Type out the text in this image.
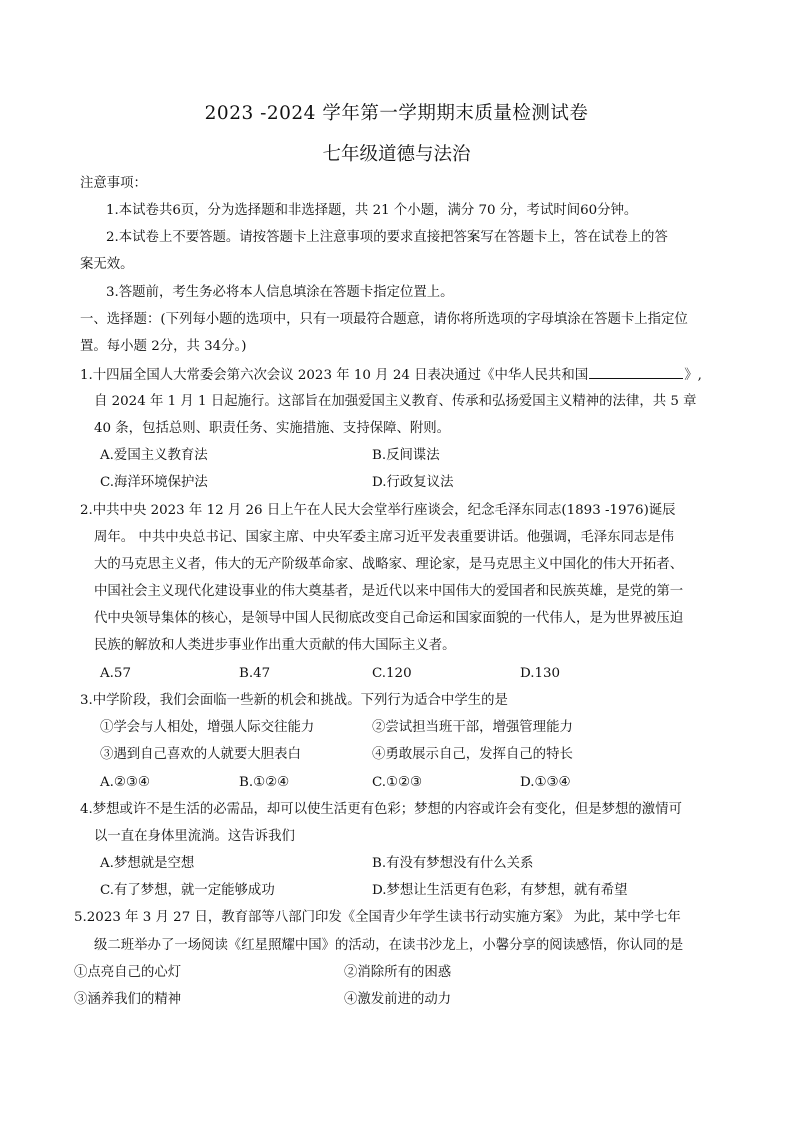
2023 -2024 学年第一学期期末质量检测试卷
七年级道德与法治
注意事项：
1.本试卷共6页，分为选择题和非选择题，共 21 个小题，满分 70 分，考试时间60分钟。
2.本试卷上不要答题。请按答题卡上注意事项的要求直接把答案写在答题卡上，答在试卷上的答
案无效。
3.答题前，考生务必将本人信息填涂在答题卡指定位置上。
一、选择题：(下列每小题的选项中，只有一项最符合题意，请你将所选项的字母填涂在答题卡上指定位
置。每小题 2分，共 34分。)
1.十四届全国人大常委会第六次会议 2023 年 10 月 24 日表决通过《中华人民共和国	》,
自 2024 年 1 月 1 日起施行。这部旨在加强爱国主义教育、传承和弘扬爱国主义精神的法律，共 5 章
40 条，包括总则、职责任务、实施措施、支持保障、附则。
A.爱国主义教育法	B.反间谍法
C.海洋环境保护法	D.行政复议法
2.中共中央 2023 年 12 月 26 日上午在人民大会堂举行座谈会，纪念毛泽东同志(1893 -1976)诞辰
周年。 中共中央总书记、国家主席、中央军委主席习近平发表重要讲话。他强调，毛泽东同志是伟
大的马克思主义者，伟大的无产阶级革命家、战略家、理论家，是马克思主义中国化的伟大开拓者、
中国社会主义现代化建设事业的伟大奠基者，是近代以来中国伟大的爱国者和民族英雄，是党的第一
代中央领导集体的核心，是领导中国人民彻底改变自己命运和国家面貌的一代伟人，是为世界被压迫
民族的解放和人类进步事业作出重大贡献的伟大国际主义者。
A.57	B.47	C.120	D.130
3.中学阶段，我们会面临一些新的机会和挑战。下列行为适合中学生的是
①学会与人相处，增强人际交往能力	②尝试担当班干部，增强管理能力
③遇到自己喜欢的人就要大胆表白	④勇敢展示自己，发挥自己的特长
A.②③④	B.①②④	C.①②③	D.①③④
4.梦想或许不是生活的必需品，却可以使生活更有色彩；梦想的内容或许会有变化，但是梦想的激情可
以一直在身体里流淌。这告诉我们
A.梦想就是空想	B.有没有梦想没有什么关系
C.有了梦想，就一定能够成功	D.梦想让生活更有色彩，有梦想，就有希望
5.2023 年 3 月 27 日，教育部等八部门印发《全国青少年学生读书行动实施方案》 为此，某中学七年
级二班举办了一场阅读《红星照耀中国》的活动，在读书沙龙上，小馨分享的阅读感悟，你认同的是
①点亮自己的心灯	②消除所有的困惑
③涵养我们的精神	④激发前进的动力
